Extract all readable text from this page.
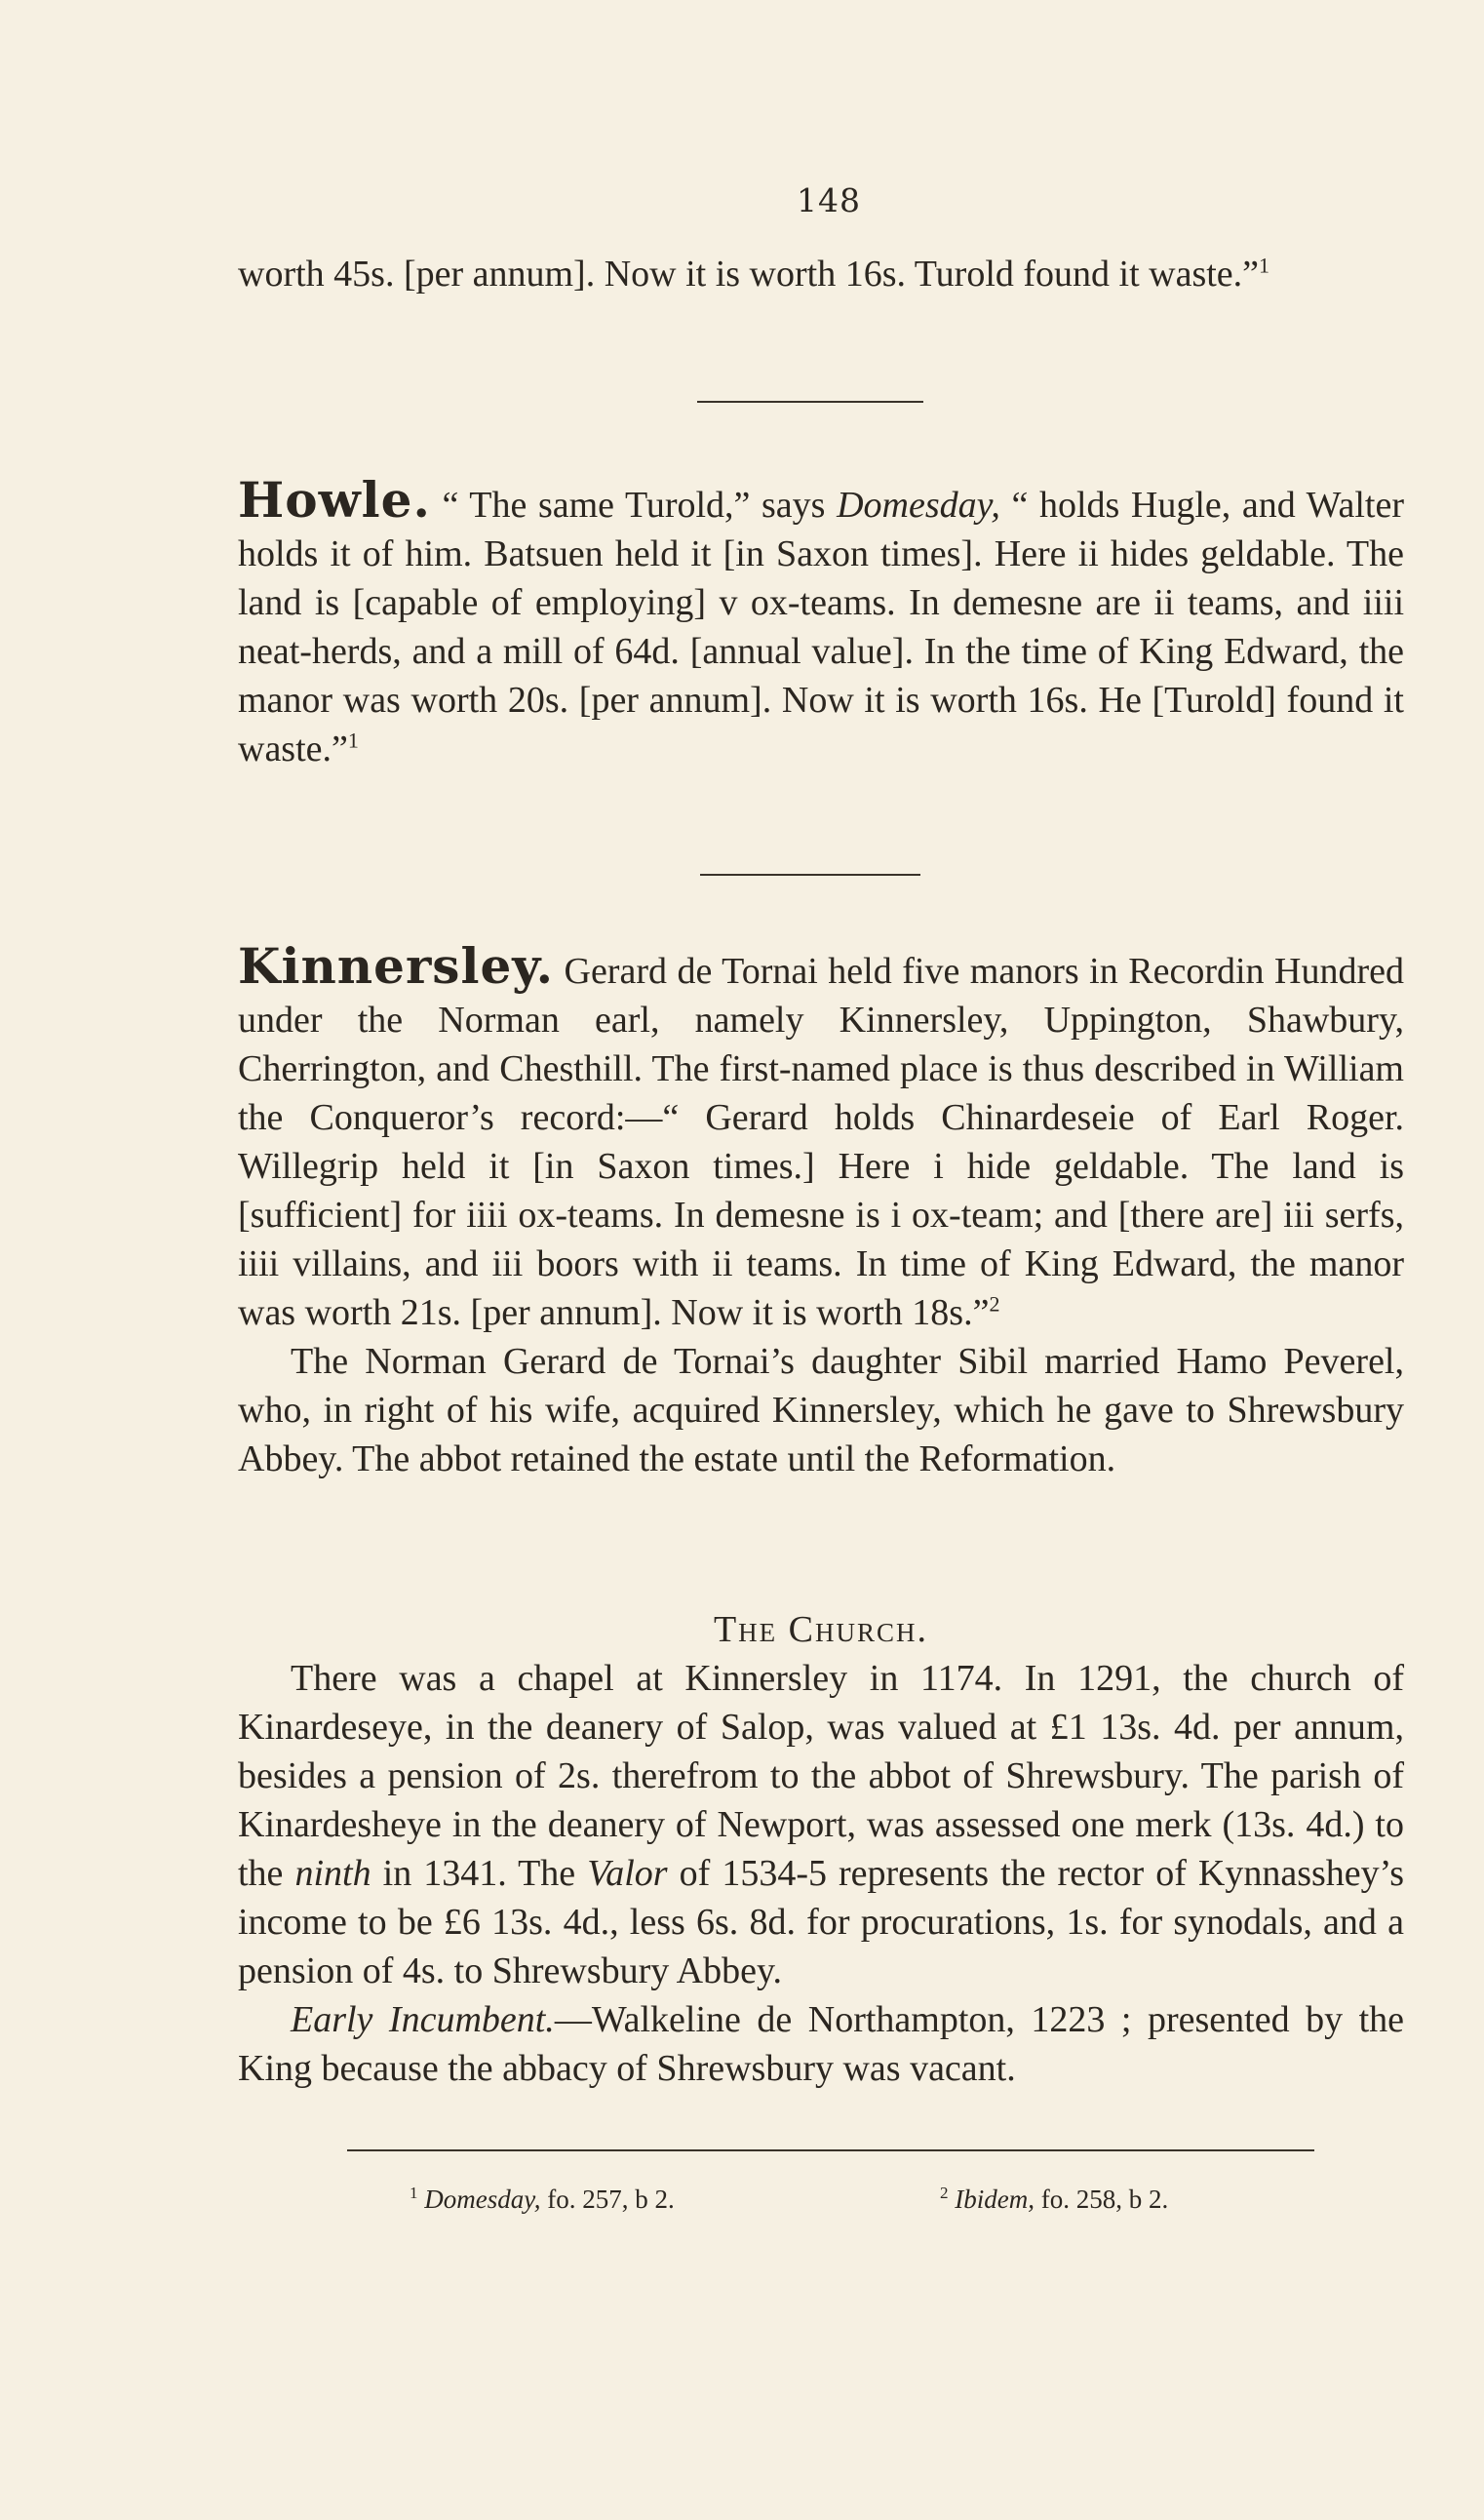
148

worth 45s. [per annum]. Now it is worth 16s. Turold found it waste.”$^1$

Howle. “ The same Turold,” says Domesday, “ holds Hugle, and Walter holds it of him. Batsuen held it [in Saxon times]. Here ii hides geldable. The land is [capable of employing] v ox-teams. In demesne are ii teams, and iiii neat-herds, and a mill of 64d. [annual value]. In the time of King Edward, the manor was worth 20s. [per annum]. Now it is worth 16s. He [Turold] found it waste.”$^1$

Kinnersley. Gerard de Tornai held five manors in Recordin Hundred under the Norman earl, namely Kinnersley, Uppington, Shawbury, Cherrington, and Chesthill. The first-named place is thus described in William the Conqueror’s record:—“ Gerard holds Chinardeseie of Earl Roger. Willegrip held it [in Saxon times.] Here i hide geldable. The land is [sufficient] for iiii ox-teams. In demesne is i ox-team; and [there are] iii serfs, iiii villains, and iii boors with ii teams. In time of King Edward, the manor was worth 21s. [per annum]. Now it is worth 18s.”$^2$

The Norman Gerard de Tornai’s daughter Sibil married Hamo Peverel, who, in right of his wife, acquired Kinnersley, which he gave to Shrewsbury Abbey. The abbot retained the estate until the Reformation.

The Church.

There was a chapel at Kinnersley in 1174. In 1291, the church of Kinardeseye, in the deanery of Salop, was valued at £1 13s. 4d. per annum, besides a pension of 2s. therefrom to the abbot of Shrewsbury. The parish of Kinardesheye in the deanery of Newport, was assessed one merk (13s. 4d.) to the ninth in 1341. The Valor of 1534-5 represents the rector of Kynnasshey’s income to be £6 13s. 4d., less 6s. 8d. for procurations, 1s. for synodals, and a pension of 4s. to Shrewsbury Abbey.

Early Incumbent.—Walkeline de Northampton, 1223 ; presented by the King because the abbacy of Shrewsbury was vacant.

$^1$ Domesday, fo. 257, b 2.	$^2$ Ibidem, fo. 258, b 2.
